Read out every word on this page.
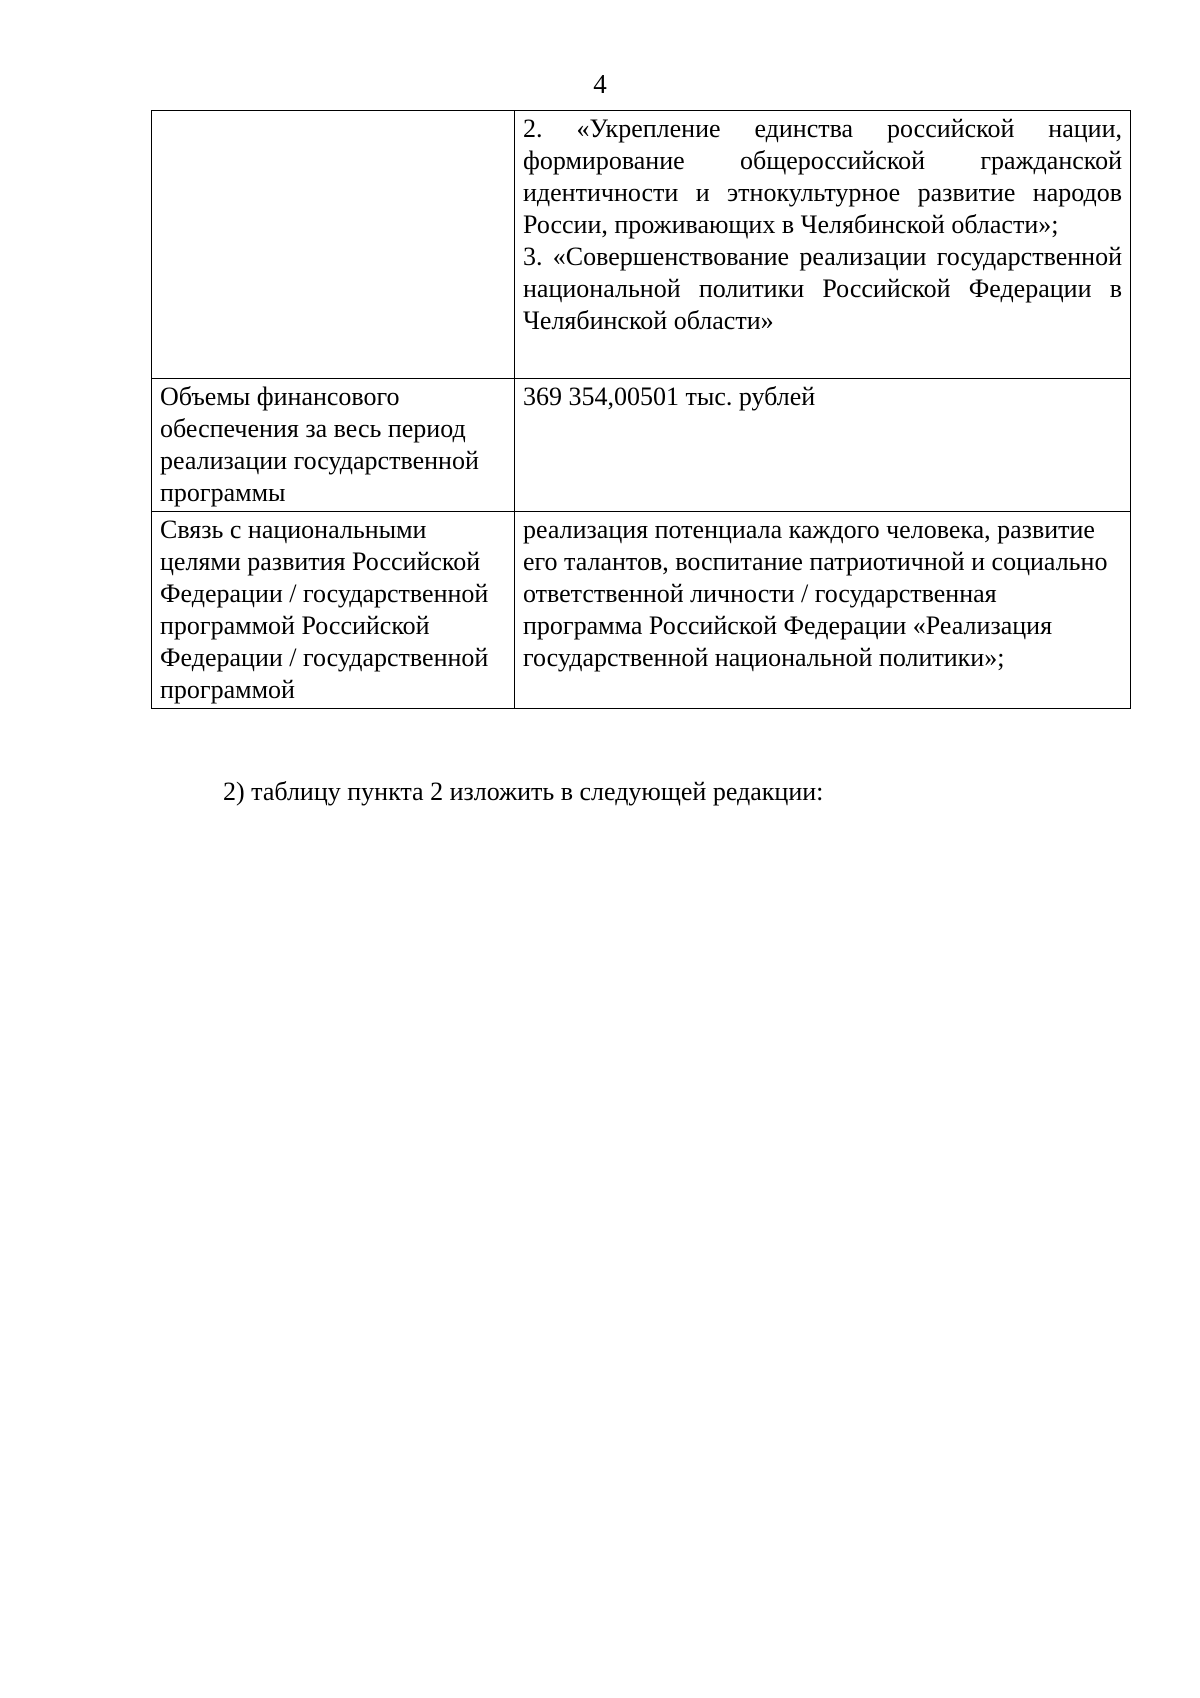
4

	2. «Укрепление единства российской нации, формирование общероссийской гражданской идентичности и этнокультурное развитие народов России, проживающих в Челябинской области»;
3. «Совершенствование реализации государственной национальной политики Российской Федерации в Челябинской области»

Объемы финансового обеспечения за весь период реализации государственной программы	369 354,00501 тыс. рублей

Связь с национальными целями развития Российской Федерации / государственной программой Российской Федерации / государственной программой	реализация потенциала каждого человека, развитие его талантов, воспитание патриотичной и социально ответственной личности / государственная программа Российской Федерации «Реализация государственной национальной политики»;
2) таблицу пункта 2 изложить в следующей редакции:
